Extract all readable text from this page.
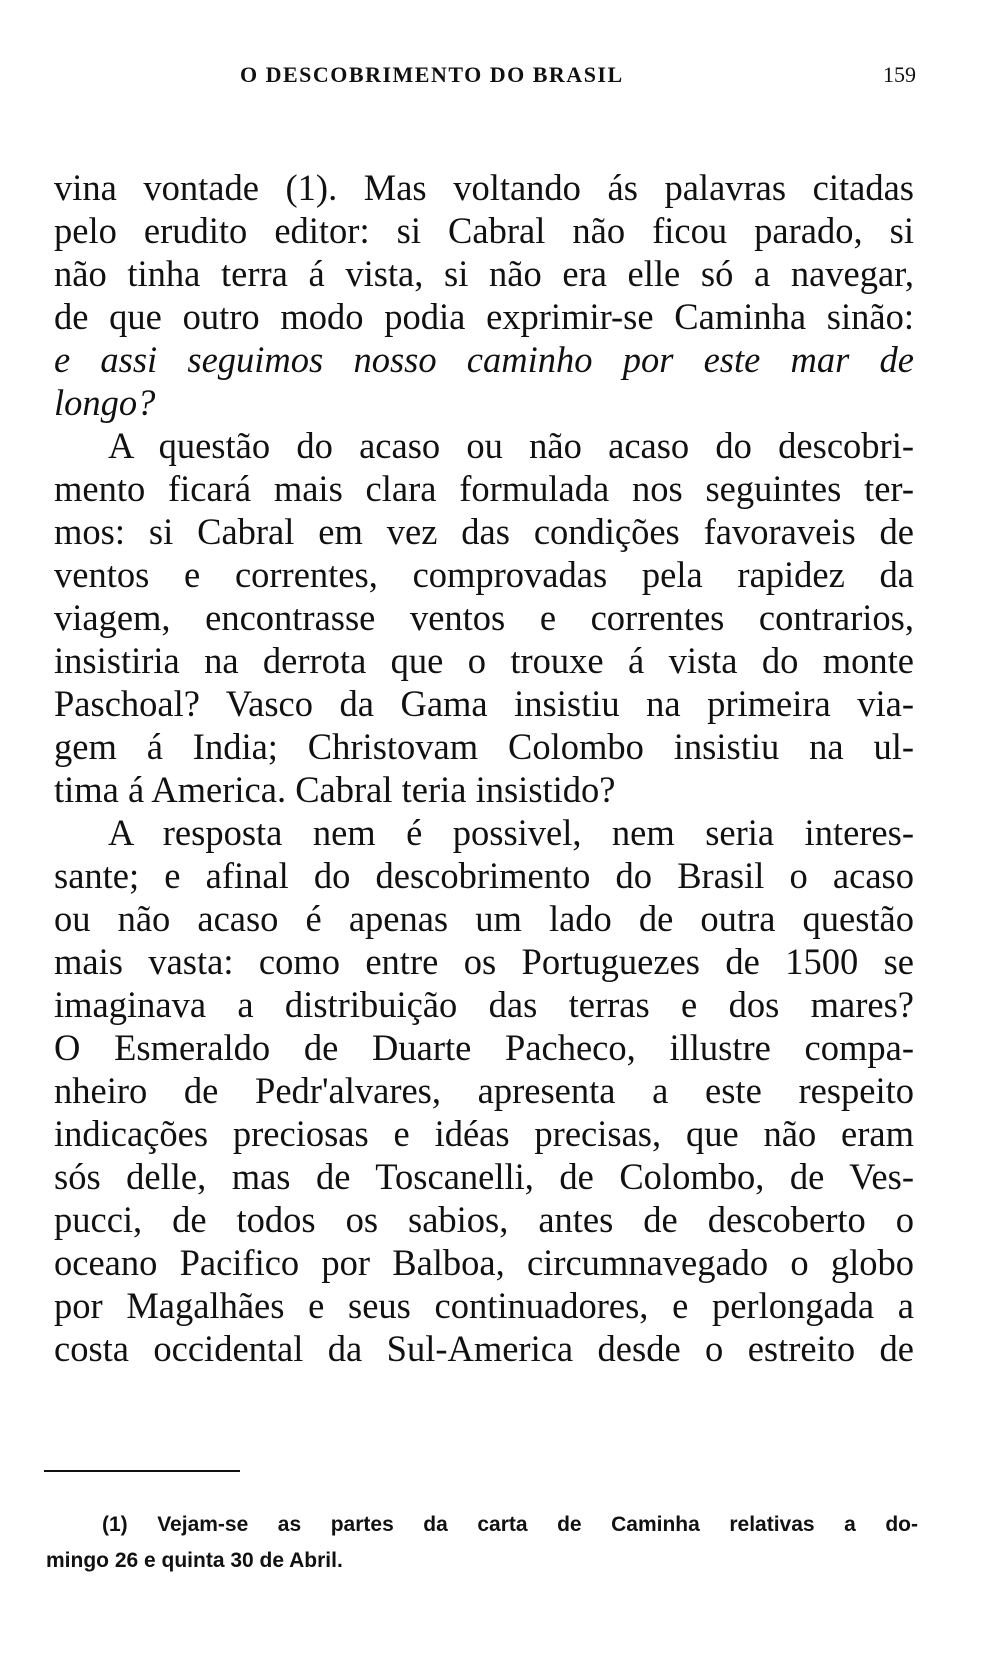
O DESCOBRIMENTO DO BRASIL	159
vina vontade (1). Mas voltando ás palavras citadas
pelo erudito editor: si Cabral não ficou parado, si
não tinha terra á vista, si não era elle só a navegar,
de que outro modo podia exprimir-se Caminha sinão:
e assi seguimos nosso caminho por este mar de
longo?
A questão do acaso ou não acaso do descobri-
mento ficará mais clara formulada nos seguintes ter-
mos: si Cabral em vez das condições favoraveis de
ventos e correntes, comprovadas pela rapidez da
viagem, encontrasse ventos e correntes contrarios,
insistiria na derrota que o trouxe á vista do monte
Paschoal? Vasco da Gama insistiu na primeira via-
gem á India; Christovam Colombo insistiu na ul-
tima á America. Cabral teria insistido?
A resposta nem é possivel, nem seria interes-
sante; e afinal do descobrimento do Brasil o acaso
ou não acaso é apenas um lado de outra questão
mais vasta: como entre os Portuguezes de 1500 se
imaginava a distribuição das terras e dos mares?
O Esmeraldo de Duarte Pacheco, illustre compa-
nheiro de Pedr'alvares, apresenta a este respeito
indicações preciosas e idéas precisas, que não eram
sós delle, mas de Toscanelli, de Colombo, de Ves-
pucci, de todos os sabios, antes de descoberto o
oceano Pacifico por Balboa, circumnavegado o globo
por Magalhães e seus continuadores, e perlongada a
costa occidental da Sul-America desde o estreito de
(1) Vejam-se as partes da carta de Caminha relativas a do-
mingo 26 e quinta 30 de Abril.
